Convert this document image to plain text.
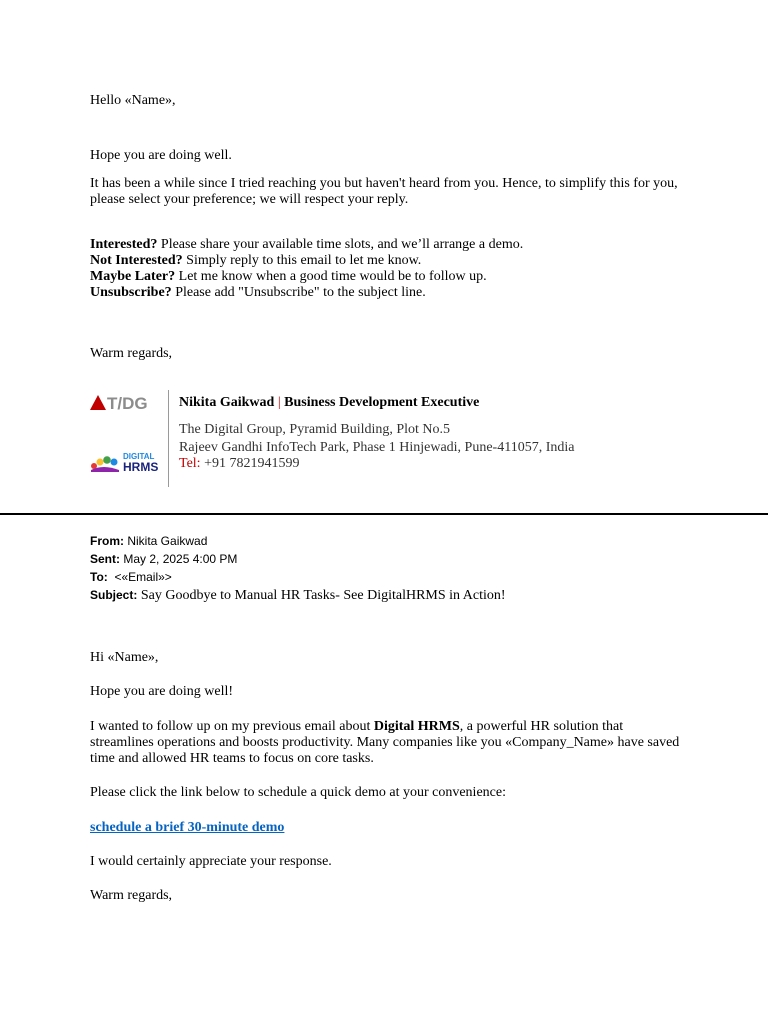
Hello «Name»,

Hope you are doing well.

It has been a while since I tried reaching you but haven't heard from you. Hence, to simplify this for you, please select your preference; we will respect your reply.

Interested? Please share your available time slots, and we’ll arrange a demo.

Not Interested? Simply reply to this email to let me know.

Maybe Later? Let me know when a good time would be to follow up.

Unsubscribe? Please add "Unsubscribe" to the subject line.

Warm regards,

T/DG
DIGITAL
HRMS

Nikita Gaikwad | Business Development Executive

The Digital Group, Pyramid Building, Plot No.5

Rajeev Gandhi InfoTech Park, Phase 1 Hinjewadi, Pune-411057, India

Tel: +91 7821941599

From: Nikita Gaikwad

Sent: May 2, 2025 4:00 PM

To: <«Email»>

Subject: Say Goodbye to Manual HR Tasks- See DigitalHRMS in Action!

Hi «Name»,

Hope you are doing well!

I wanted to follow up on my previous email about Digital HRMS, a powerful HR solution that streamlines operations and boosts productivity. Many companies like you «Company_Name» have saved time and allowed HR teams to focus on core tasks.

Please click the link below to schedule a quick demo at your convenience:

schedule a brief 30-minute demo

I would certainly appreciate your response.

Warm regards,
